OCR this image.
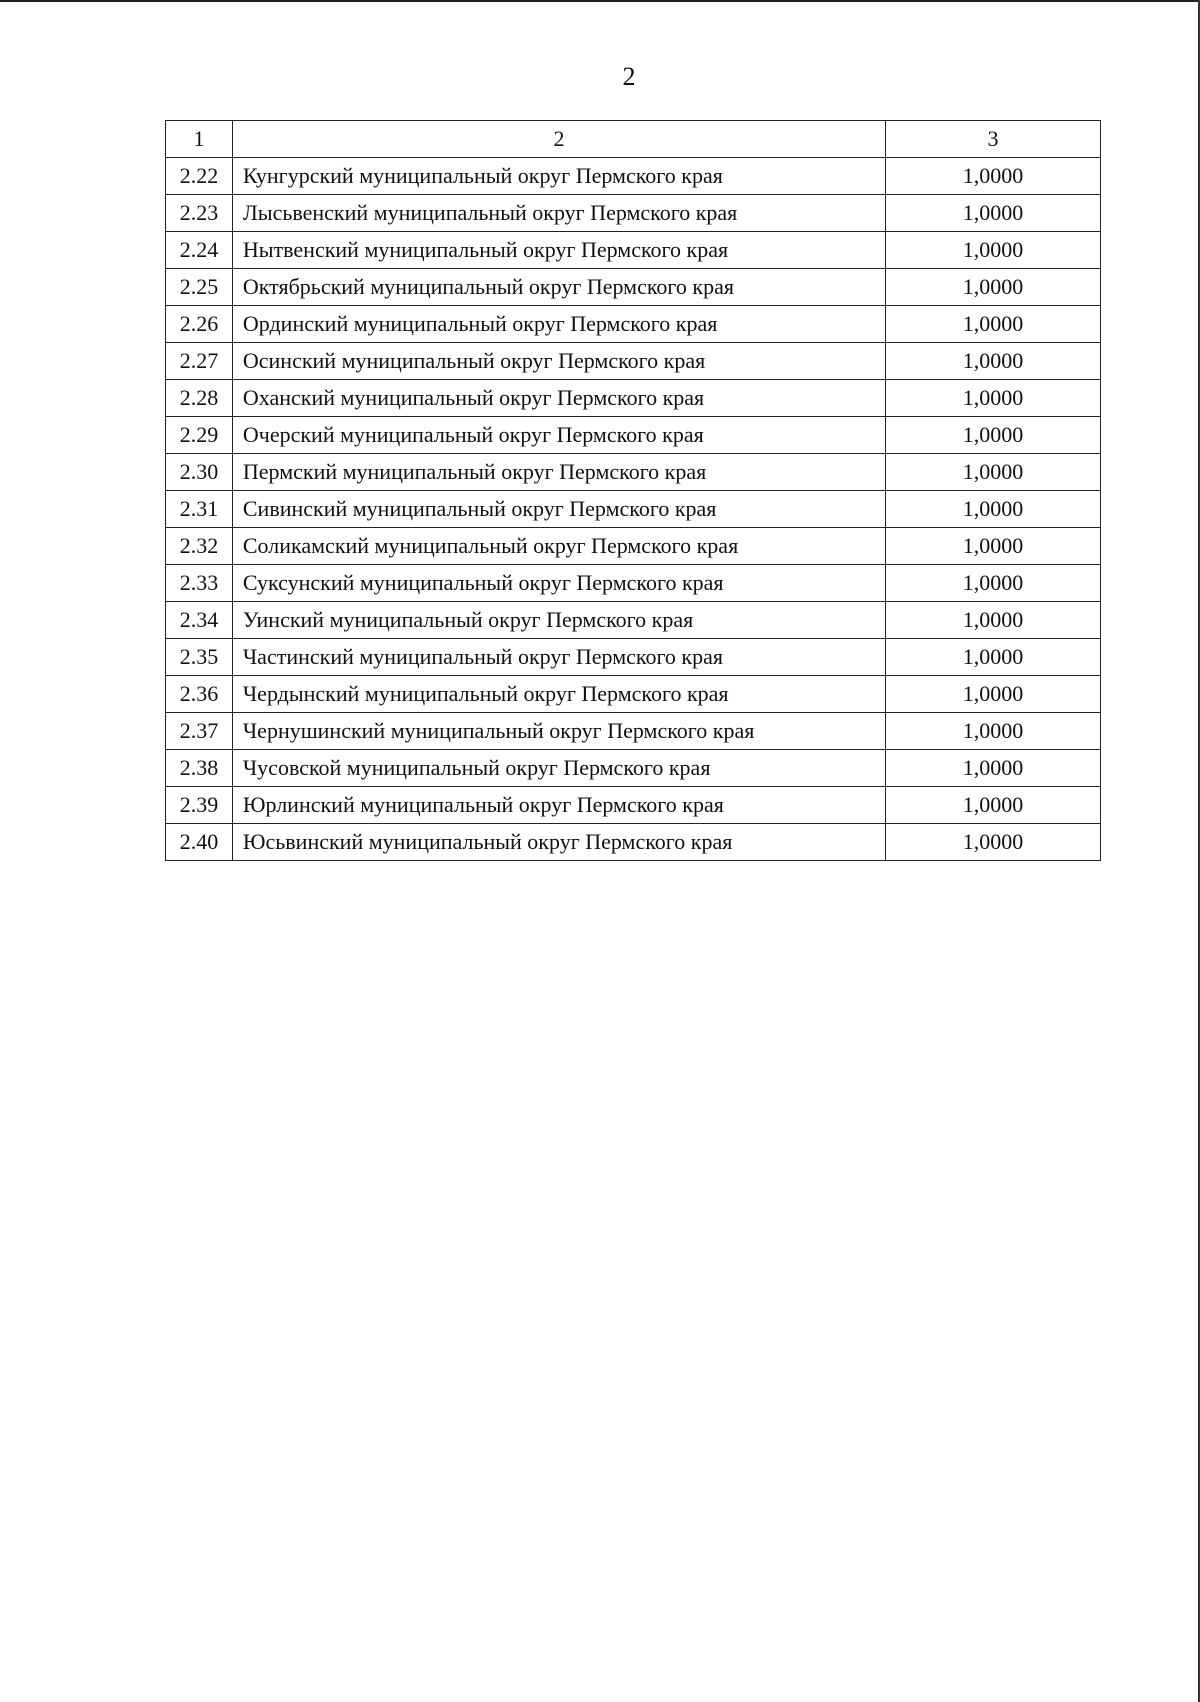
2
1	2	3
2.22	Кунгурский муниципальный округ Пермского края	1,0000
2.23	Лысьвенский муниципальный округ Пермского края	1,0000
2.24	Нытвенский муниципальный округ Пермского края	1,0000
2.25	Октябрьский муниципальный округ Пермского края	1,0000
2.26	Ординский муниципальный округ Пермского края	1,0000
2.27	Осинский муниципальный округ Пермского края	1,0000
2.28	Оханский муниципальный округ Пермского края	1,0000
2.29	Очерский муниципальный округ Пермского края	1,0000
2.30	Пермский муниципальный округ Пермского края	1,0000
2.31	Сивинский муниципальный округ Пермского края	1,0000
2.32	Соликамский муниципальный округ Пермского края	1,0000
2.33	Суксунский муниципальный округ Пермского края	1,0000
2.34	Уинский муниципальный округ Пермского края	1,0000
2.35	Частинский муниципальный округ Пермского края	1,0000
2.36	Чердынский муниципальный округ Пермского края	1,0000
2.37	Чернушинский муниципальный округ Пермского края	1,0000
2.38	Чусовской муниципальный округ Пермского края	1,0000
2.39	Юрлинский муниципальный округ Пермского края	1,0000
2.40	Юсьвинский муниципальный округ Пермского края	1,0000
